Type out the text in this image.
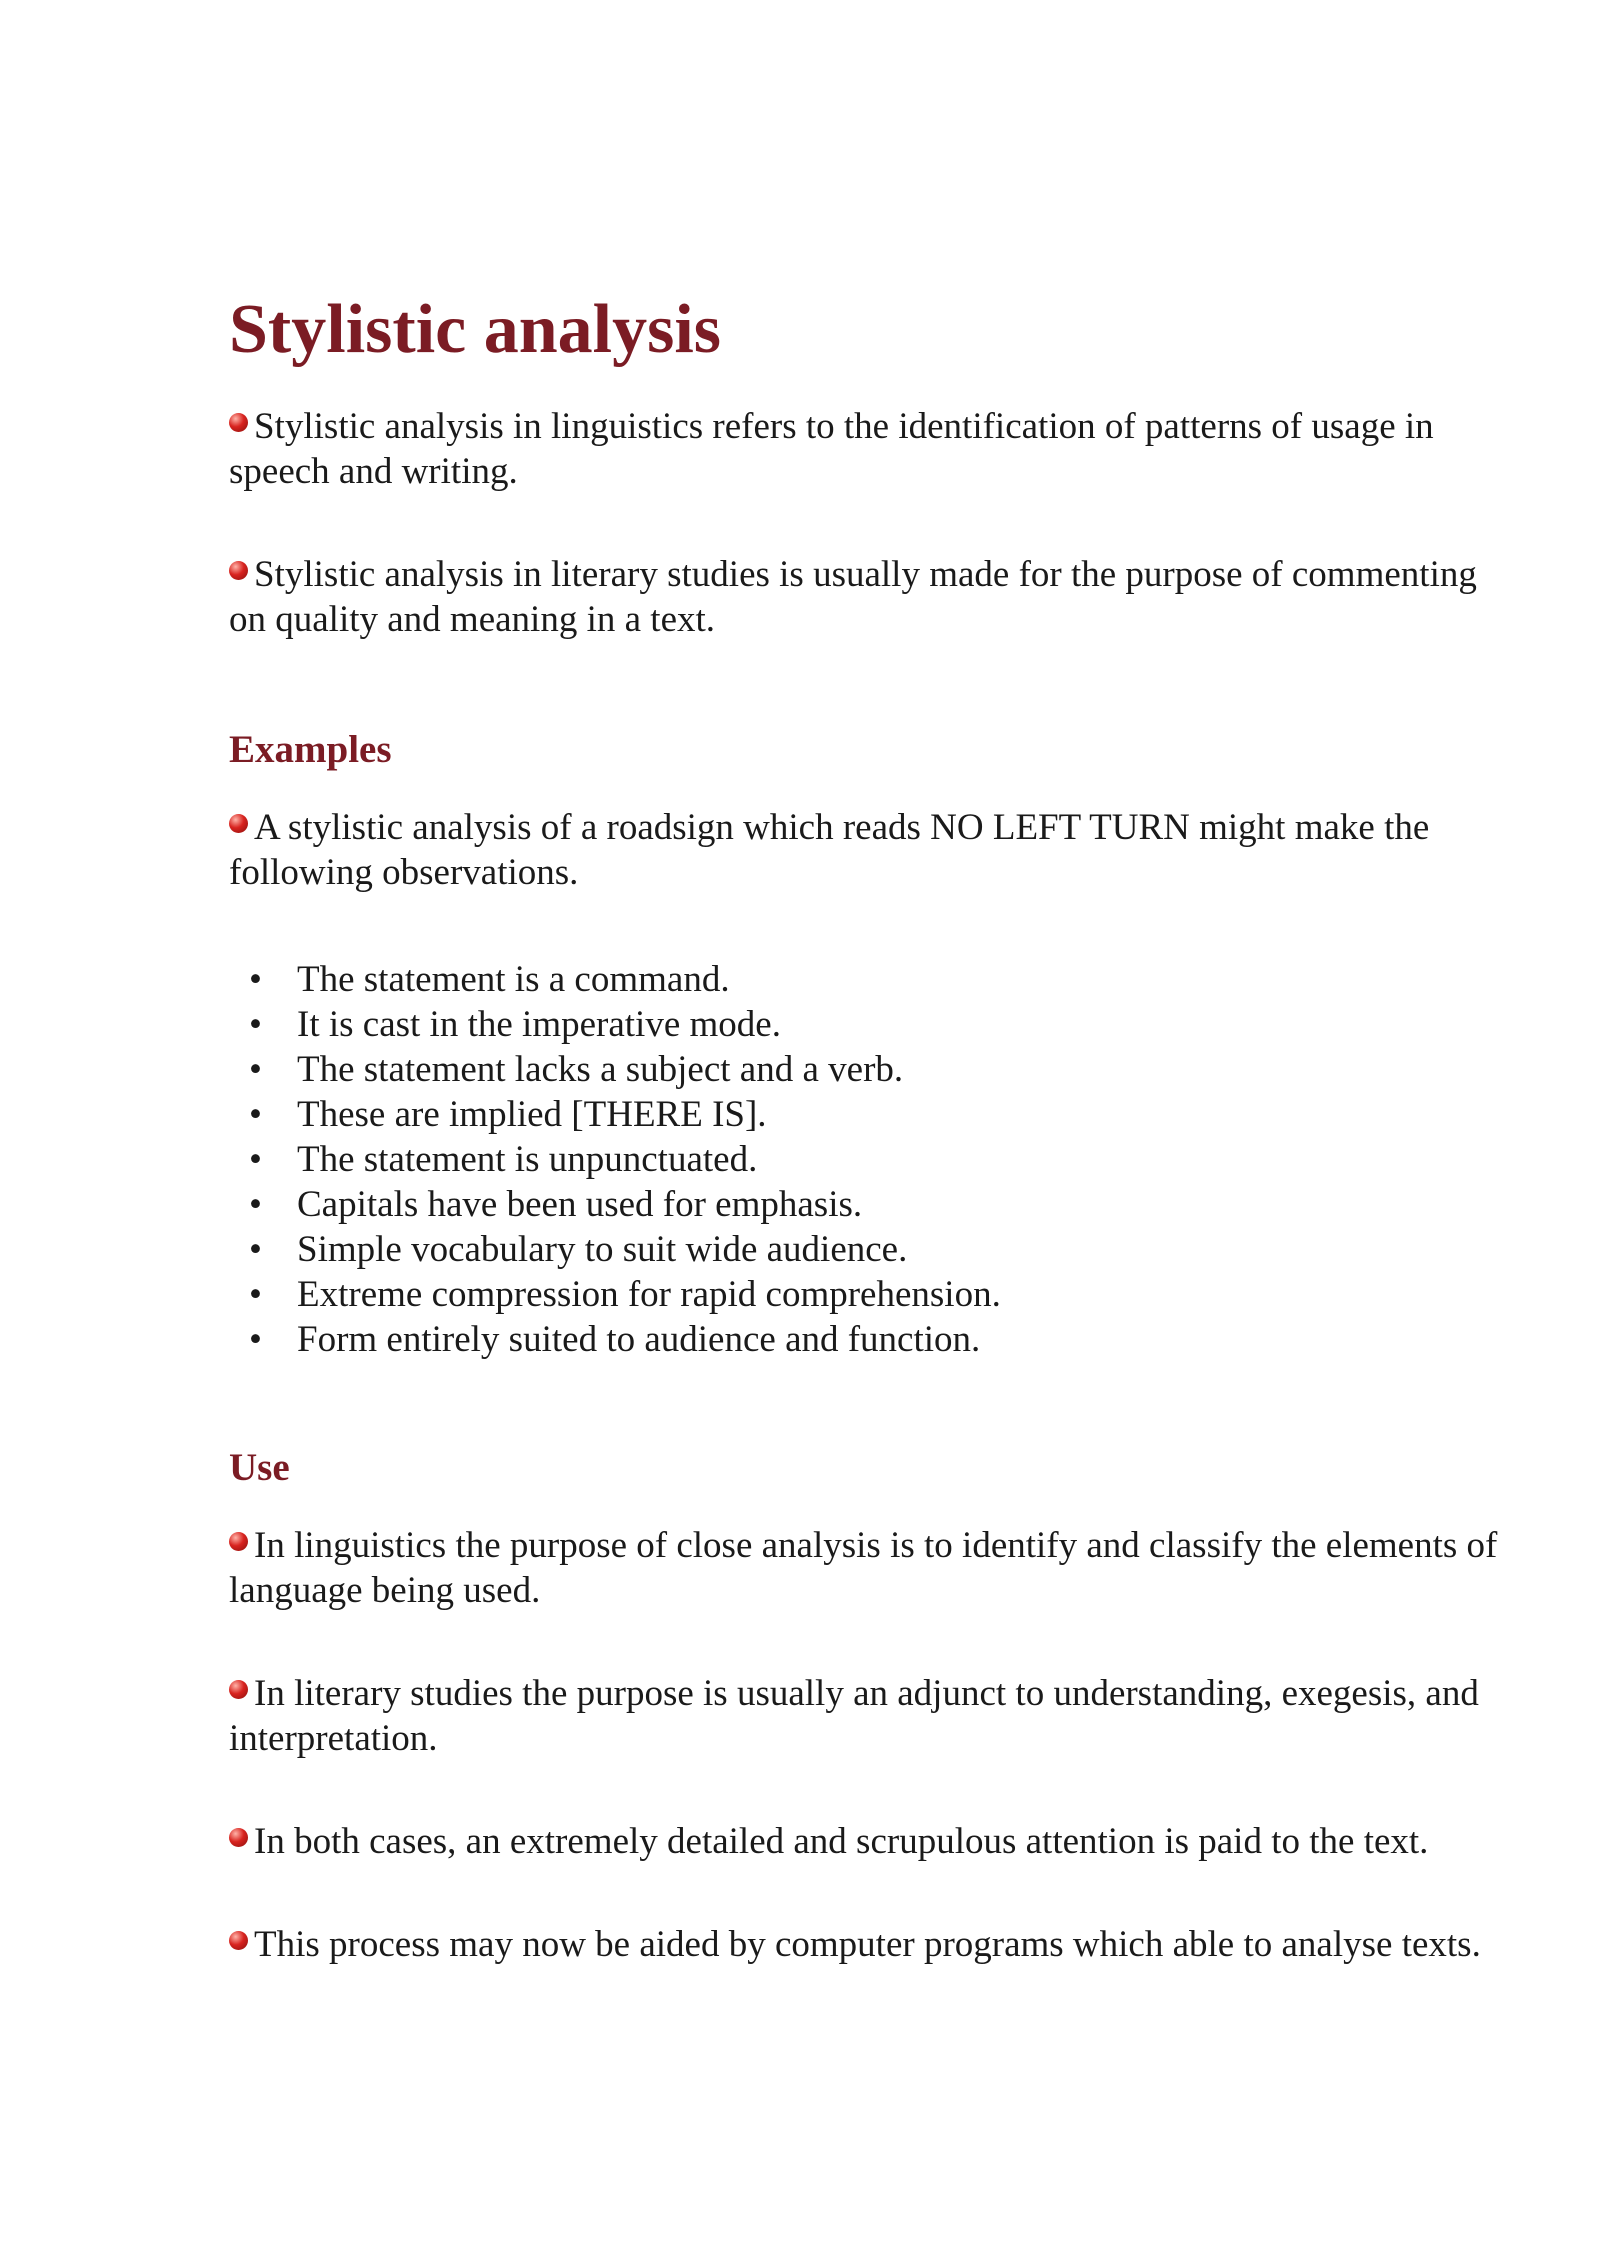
Stylistic analysis

Stylistic analysis in linguistics refers to the identification of patterns of usage in speech and writing.

Stylistic analysis in literary studies is usually made for the purpose of commenting on quality and meaning in a text.

Examples

A stylistic analysis of a roadsign which reads NO LEFT TURN might make the following observations.

• The statement is a command.
• It is cast in the imperative mode.
• The statement lacks a subject and a verb.
• These are implied [THERE IS].
• The statement is unpunctuated.
• Capitals have been used for emphasis.
• Simple vocabulary to suit wide audience.
• Extreme compression for rapid comprehension.
• Form entirely suited to audience and function.
Use

In linguistics the purpose of close analysis is to identify and classify the elements of language being used.

In literary studies the purpose is usually an adjunct to understanding, exegesis, and interpretation.

In both cases, an extremely detailed and scrupulous attention is paid to the text.

This process may now be aided by computer programs which able to analyse texts.
